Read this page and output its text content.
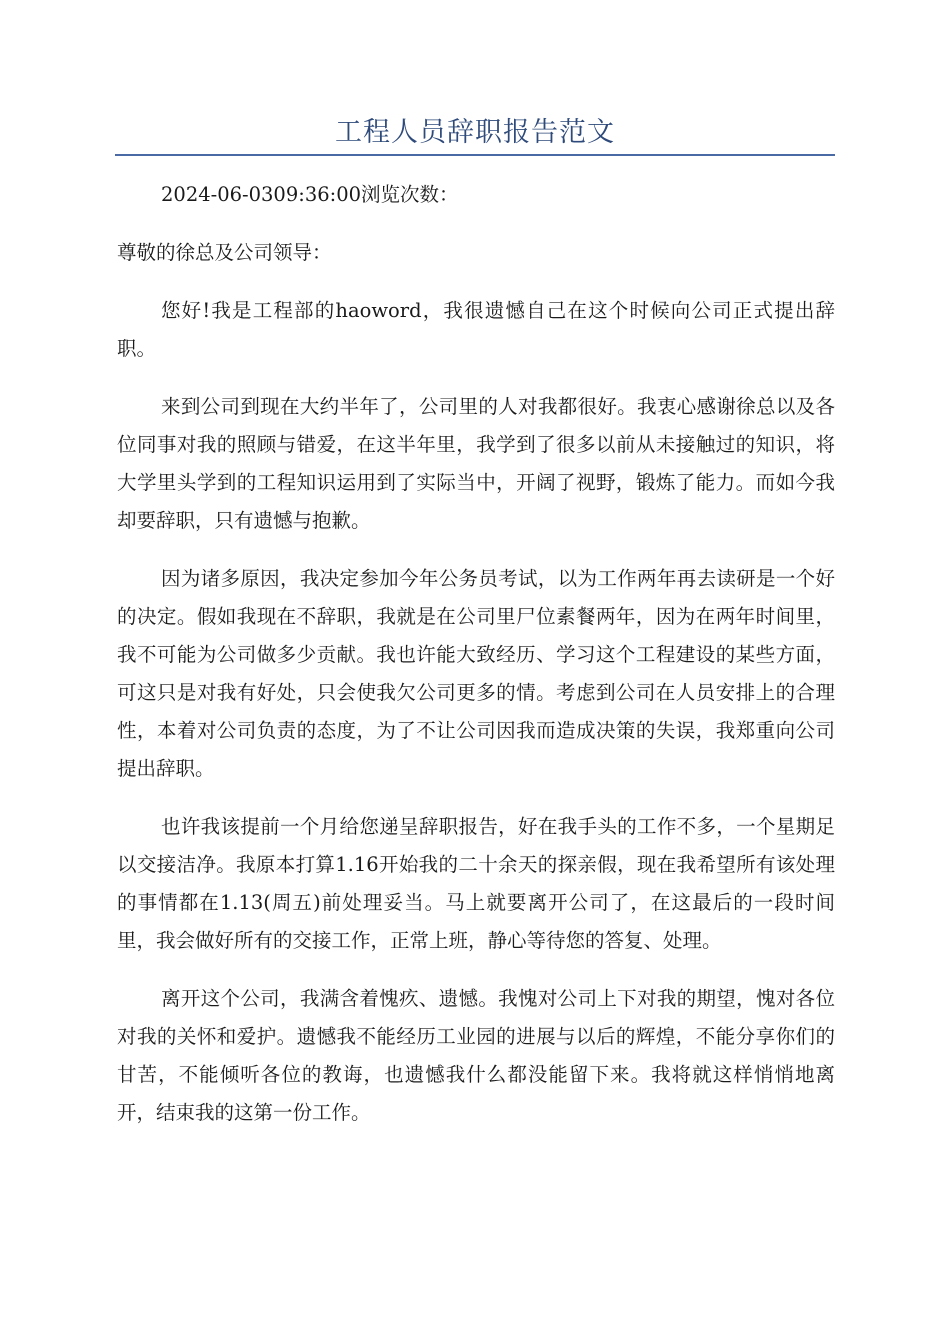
工程人员辞职报告范文

2024-06-0309:36:00浏览次数：

尊敬的徐总及公司领导：

您好!我是工程部的haoword，我很遗憾自己在这个时候向公司正式提出辞职。

来到公司到现在大约半年了，公司里的人对我都很好。我衷心感谢徐总以及各位同事对我的照顾与错爱，在这半年里，我学到了很多以前从未接触过的知识，将大学里头学到的工程知识运用到了实际当中，开阔了视野，锻炼了能力。而如今我却要辞职，只有遗憾与抱歉。

因为诸多原因，我决定参加今年公务员考试，以为工作两年再去读研是一个好的决定。假如我现在不辞职，我就是在公司里尸位素餐两年，因为在两年时间里，我不可能为公司做多少贡献。我也许能大致经历、学习这个工程建设的某些方面，可这只是对我有好处，只会使我欠公司更多的情。考虑到公司在人员安排上的合理性，本着对公司负责的态度，为了不让公司因我而造成决策的失误，我郑重向公司提出辞职。

也许我该提前一个月给您递呈辞职报告，好在我手头的工作不多，一个星期足以交接洁净。我原本打算1.16开始我的二十余天的探亲假，现在我希望所有该处理的事情都在1.13(周五)前处理妥当。马上就要离开公司了，在这最后的一段时间里，我会做好所有的交接工作，正常上班，静心等待您的答复、处理。

离开这个公司，我满含着愧疚、遗憾。我愧对公司上下对我的期望，愧对各位对我的关怀和爱护。遗憾我不能经历工业园的进展与以后的辉煌，不能分享你们的甘苦，不能倾听各位的教诲，也遗憾我什么都没能留下来。我将就这样悄悄地离开，结束我的这第一份工作。
